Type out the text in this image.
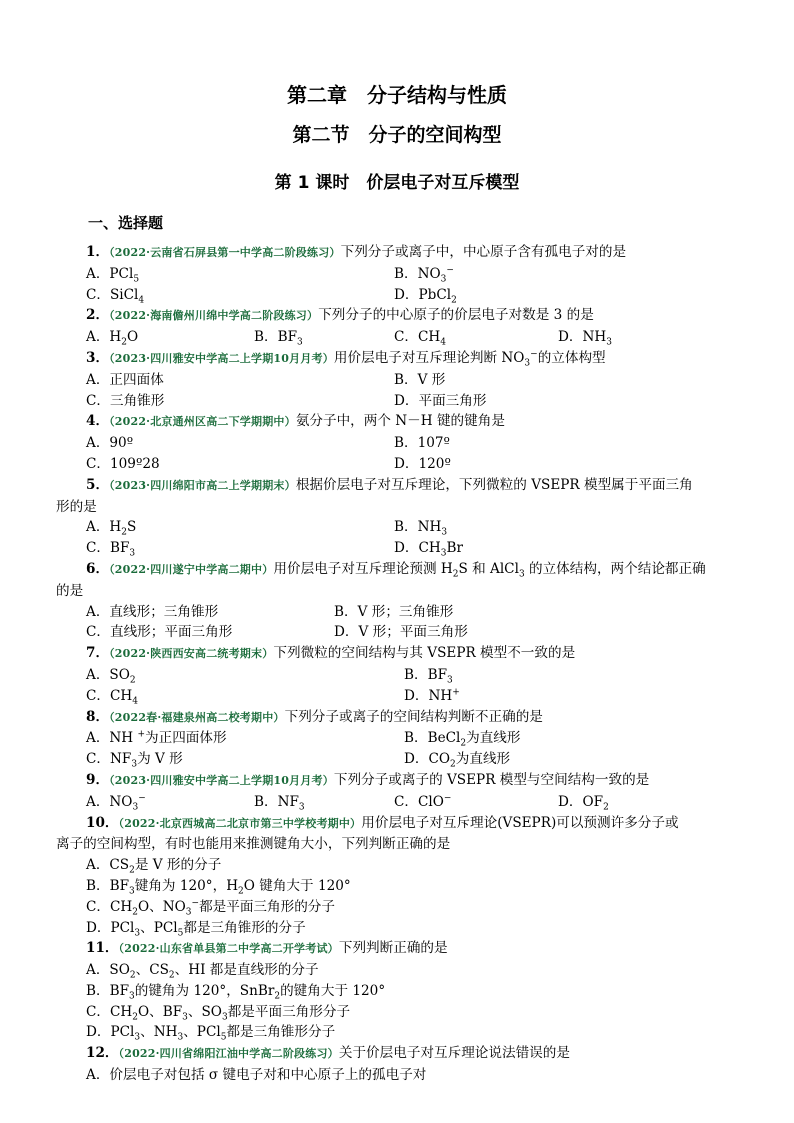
第二章　分子结构与性质
第二节　分子的空间构型
第 1 课时　价层电子对互斥模型
一、选择题
1．（2022·云南省石屏县第一中学高二阶段练习）下列分子或离子中，中心原子含有孤电子对的是
A．PCl$_5$	B．$NO_3^-$
C．SiCl$_4$	D．PbCl$_2$
2．（2022·海南儋州川绵中学高二阶段练习）下列分子的中心原子的价层电子对数是 3 的是
A．$H_2O$	B．$BF_3$	C．$CH_4$	D．$NH_3$
3．（2023·四川雅安中学高二上学期10月月考）用价层电子对互斥理论判断 $NO_3^-$的立体构型
A．正四面体	B．V 形
C．三角锥形	D．平面三角形
4．（2022·北京通州区高二下学期期中）氨分子中，两个 N－H 键的键角是
A．90º	B．107º
C．109º28	D．120º
5．（2023·四川绵阳市高二上学期期末）根据价层电子对互斥理论，下列微粒的 VSEPR 模型属于平面三角
形的是
A．$H_2S$	B．$NH_3$
C．$BF_3$	D．$CH_3Br$
6．（2022·四川遂宁中学高二期中）用价层电子对互斥理论预测 $H_2S$ 和 AlCl$_3$ 的立体结构，两个结论都正确
的是
A．直线形；三角锥形	B．V 形；三角锥形
C．直线形；平面三角形	D．V 形；平面三角形
7．（2022·陕西西安高二统考期末）下列微粒的空间结构与其 VSEPR 模型不一致的是
A．$SO_2$	B．$BF_3$
C．$CH_4$	D．NH+
8．（2022春·福建泉州高二校考期中）下列分子或离子的空间结构判断不正确的是
A．NH +为正四面体形	B．BeCl$_2$为直线形
C．$NF_3$为 V 形	D．$CO_2$为直线形
9．（2023·四川雅安中学高二上学期10月月考）下列分子或离子的 VSEPR 模型与空间结构一致的是
A．$NO_3^-$	B．$NF_3$	C．ClO−	D．$OF_2$
10．（2022·北京西城高二北京市第三中学校考期中）用价层电子对互斥理论(VSEPR)可以预测许多分子或
离子的空间构型，有时也能用来推测键角大小，下列判断正确的是
A．$CS_2$是 V 形的分子
B．$BF_3$键角为 120°，$H_2O$ 键角大于 120°
C．$CH_2O$、$NO_3^-$都是平面三角形的分子
D．PCl$_3$、PCl$_5$都是三角锥形的分子
11．（2022·山东省单县第二中学高二开学考试）下列判断正确的是
A．$SO_2$、$CS_2$、HI 都是直线形的分子
B．$BF_3$的键角为 120°，SnBr$_2$的键角大于 120°
C．$CH_2O$、$BF_3$、$SO_3$都是平面三角形分子
D．PCl$_3$、$NH_3$、PCl$_5$都是三角锥形分子
12．（2022·四川省绵阳江油中学高二阶段练习）关于价层电子对互斥理论说法错误的是
A．价层电子对包括 σ 键电子对和中心原子上的孤电子对
